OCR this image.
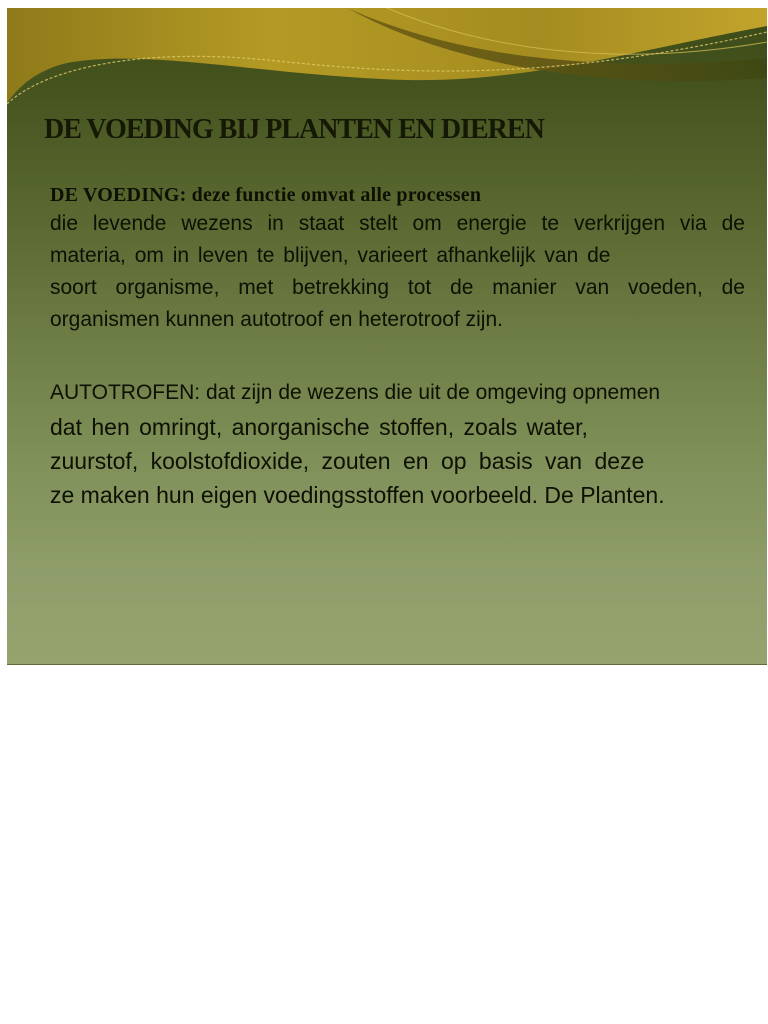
DE VOEDING BIJ PLANTEN EN DIEREN
DE VOEDING: deze functie omvat alle processen
die levende wezens in staat stelt om energie te verkrijgen via de
materia, om in leven te blijven, varieert afhankelijk van de
soort organisme, met betrekking tot de manier van voeden, de
organismen kunnen autotroof en heterotroof zijn.
AUTOTROFEN: dat zijn de wezens die uit de omgeving opnemen
dat hen omringt, anorganische stoffen, zoals water,
zuurstof, koolstofdioxide, zouten en op basis van deze
ze maken hun eigen voedingsstoffen voorbeeld. De Planten.
